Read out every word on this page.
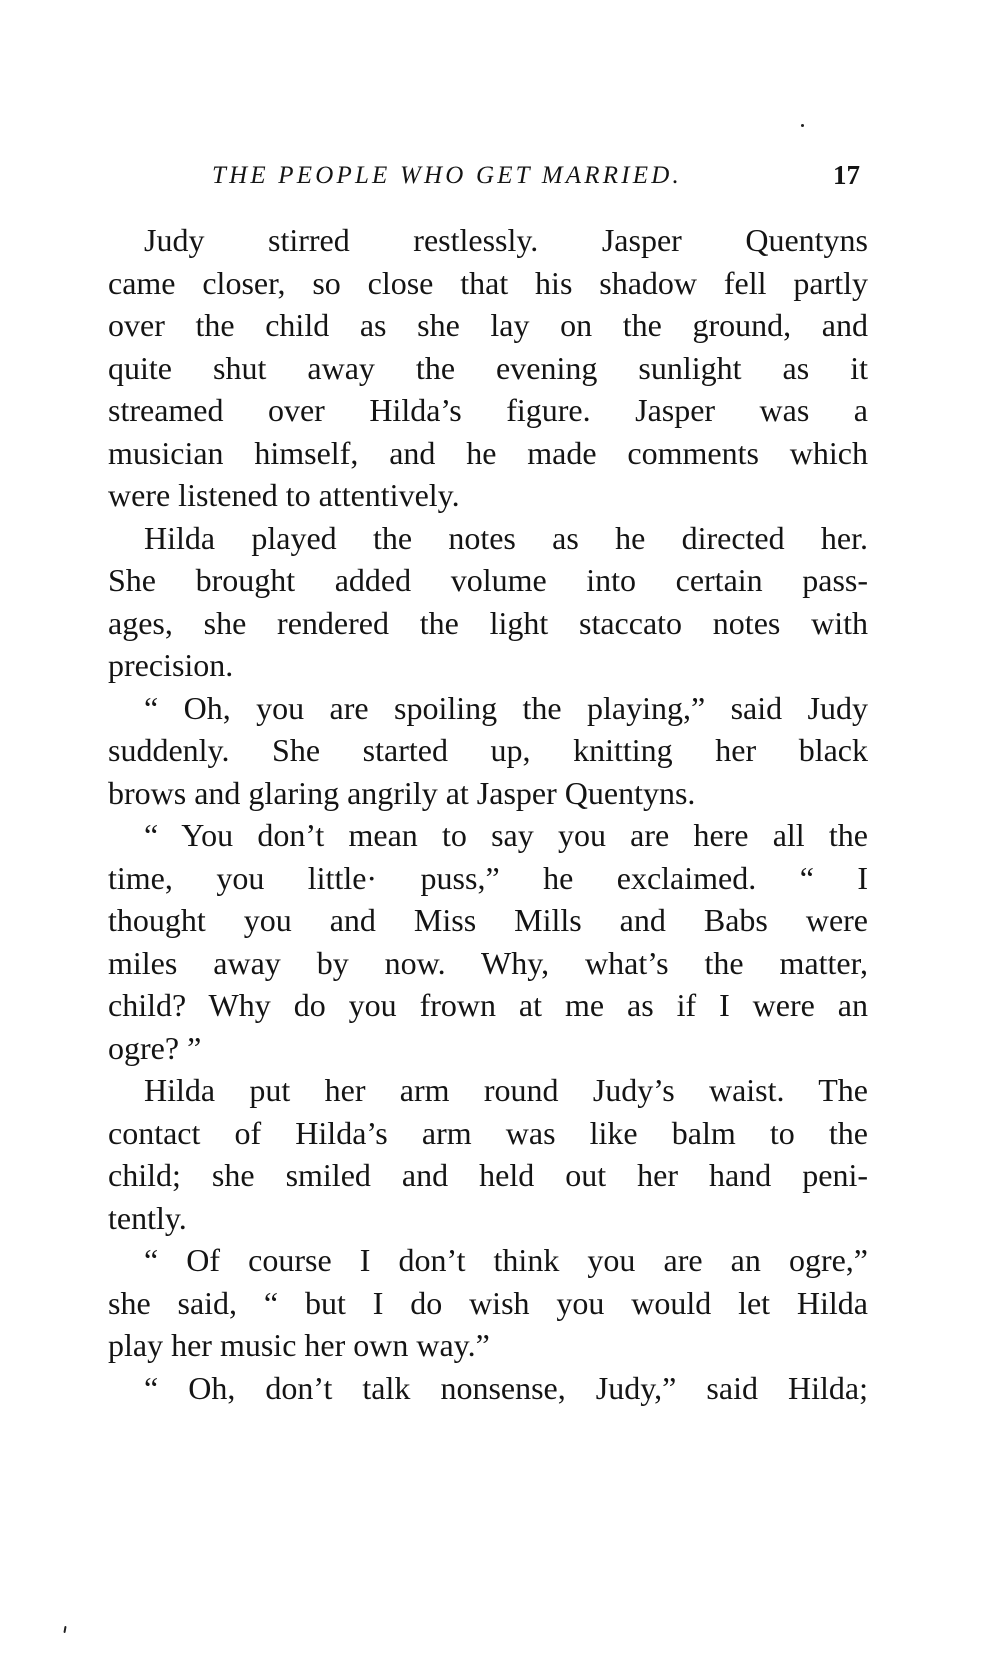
THE PEOPLE WHO GET MARRIED.	17
Judy stirred restlessly. Jasper Quentyns
came closer, so close that his shadow fell partly
over the child as she lay on the ground, and
quite shut away the evening sunlight as it
streamed over Hilda’s figure. Jasper was a
musician himself, and he made comments which
were listened to attentively.
Hilda played the notes as he directed her.
She brought added volume into certain pass-
ages, she rendered the light staccato notes with
precision.
“ Oh, you are spoiling the playing,” said Judy
suddenly. She started up, knitting her black
brows and glaring angrily at Jasper Quentyns.
“ You don’t mean to say you are here all the
time, you little· puss,” he exclaimed. “ I
thought you and Miss Mills and Babs were
miles away by now. Why, what’s the matter,
child? Why do you frown at me as if I were an
ogre? ”
Hilda put her arm round Judy’s waist. The
contact of Hilda’s arm was like balm to the
child; she smiled and held out her hand peni-
tently.
“ Of course I don’t think you are an ogre,”
she said, “ but I do wish you would let Hilda
play her music her own way.”
“ Oh, don’t talk nonsense, Judy,” said Hilda;
